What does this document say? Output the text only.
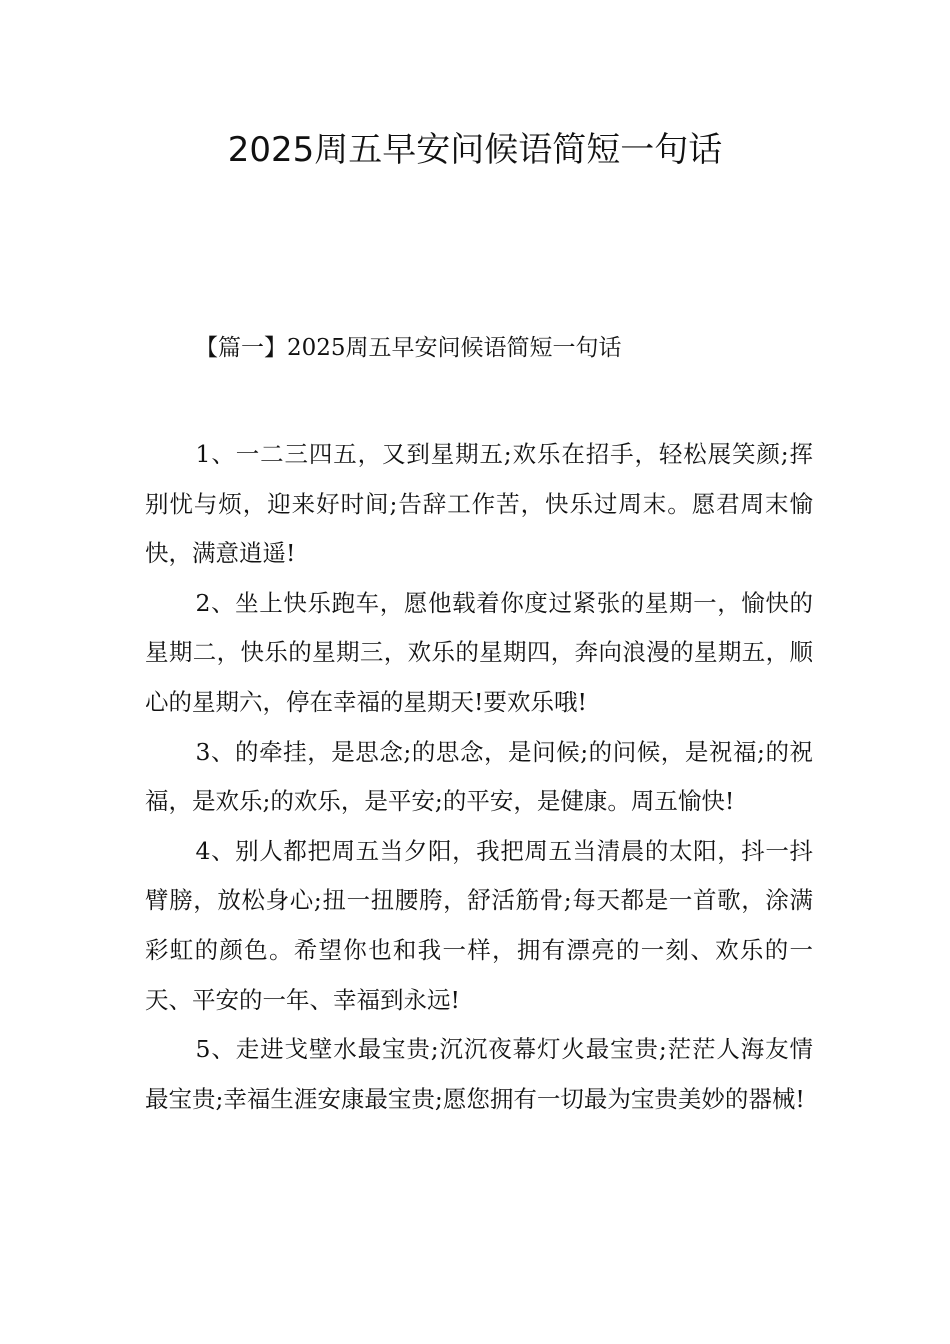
2025周五早安问候语简短一句话
【篇一】2025周五早安问候语简短一句话

1、一二三四五，又到星期五;欢乐在招手，轻松展笑颜;挥别忧与烦，迎来好时间;告辞工作苦，快乐过周末。愿君周末愉快，满意逍遥!

2、坐上快乐跑车，愿他载着你度过紧张的星期一，愉快的星期二，快乐的星期三，欢乐的星期四，奔向浪漫的星期五，顺心的星期六，停在幸福的星期天!要欢乐哦!

3、的牵挂，是思念;的思念，是问候;的问候，是祝福;的祝福，是欢乐;的欢乐，是平安;的平安，是健康。周五愉快!

4、别人都把周五当夕阳，我把周五当清晨的太阳，抖一抖臂膀，放松身心;扭一扭腰胯，舒活筋骨;每天都是一首歌，涂满彩虹的颜色。希望你也和我一样，拥有漂亮的一刻、欢乐的一天、平安的一年、幸福到永远!

5、走进戈壁水最宝贵;沉沉夜幕灯火最宝贵;茫茫人海友情最宝贵;幸福生涯安康最宝贵;愿您拥有一切最为宝贵美妙的器械!
